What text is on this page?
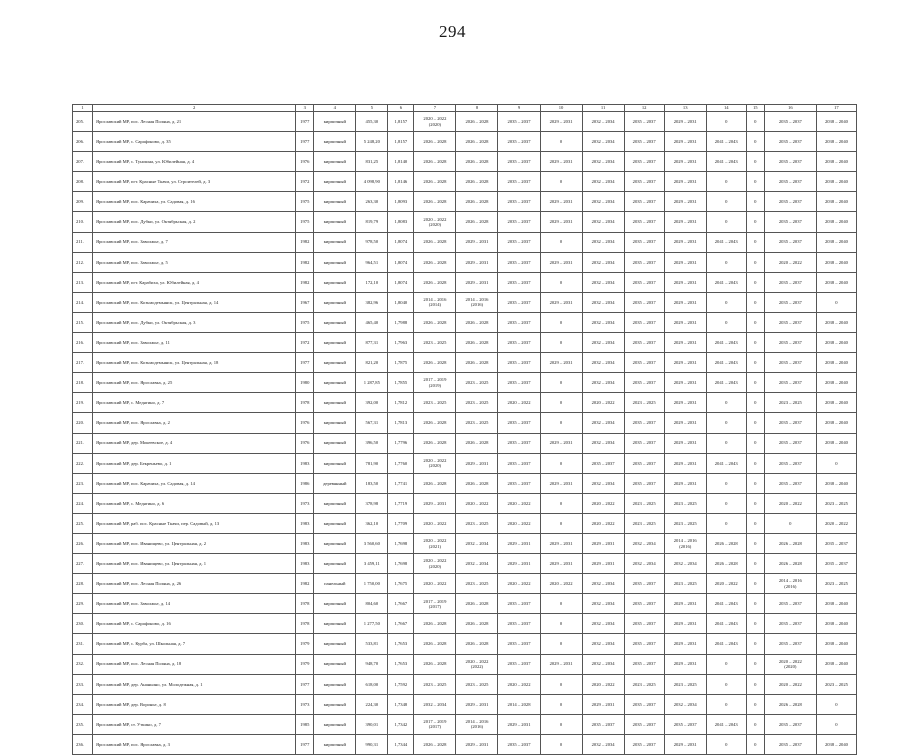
294
1	2	3	4	5	6	7	8	9	10	11	12	13	14	15	16	17

205.	Ярославский МР, пос. Лесная Поляна, д. 21	1977	кирпичный	455,30	1,8157	2020 – 2022
(2020)	2026 – 2028	2035 – 2037	2029 – 2031	2032 – 2034	2035 – 2037	2029 – 2031	0	0	2035 – 2037	2038 – 2040

206.	Ярославский МР, с. Сарафоново, д. 35	1977	кирпичный	5 248,20	1,8157	2026 – 2028	2026 – 2028	2035 – 2037	0	2032 – 2034	2035 – 2037	2029 – 2031	2041 – 2043	0	2035 – 2037	2038 – 2040

207.	Ярославский МР, с. Туношна, ул. Юбилейная, д. 4	1976	кирпичный	831,25	1,8140	2026 – 2028	2026 – 2028	2035 – 2037	2029 – 2031	2032 – 2034	2035 – 2037	2029 – 2031	2041 – 2043	0	2035 – 2037	2038 – 2040

208.	Ярославский МР, пгт. Красные Ткачи, ул. Строителей, д. 3	1972	кирпичный	4 098,90	1,8146	2026 – 2028	2026 – 2028	2035 – 2037	0	2032 – 2034	2035 – 2037	2029 – 2031	0	0	2035 – 2037	2038 – 2040

209.	Ярославский МР, пос. Карачиха, ул. Садовая, д. 16	1975	кирпичный	263,30	1,8093	2026 – 2028	2026 – 2028	2035 – 2037	2029 – 2031	2032 – 2034	2035 – 2037	2029 – 2031	0	0	2035 – 2037	2038 – 2040

210.	Ярославский МР, пос. Дубки, ул. Октябрьская, д. 2	1975	кирпичный	819,79	1,8083	2020 – 2022
(2020)	2026 – 2028	2035 – 2037	2029 – 2031	2032 – 2034	2035 – 2037	2029 – 2031	0	0	2035 – 2037	2038 – 2040

211.	Ярославский МР, пос. Заволжье, д. 7	1982	кирпичный	978,50	1,8074	2026 – 2028	2029 – 2031	2035 – 2037	0	2032 – 2034	2035 – 2037	2029 – 2031	2041 – 2043	0	2035 – 2037	2038 – 2040

212.	Ярославский МР, пос. Заволжье, д. 5	1982	кирпичный	964,51	1,8074	2026 – 2028	2029 – 2031	2035 – 2037	2029 – 2031	2032 – 2034	2035 – 2037	2029 – 2031	0	0	2020 – 2022	2038 – 2040

213.	Ярославский МР, пгт. Карабиха, ул. Юбилейная, д. 4	1982	кирпичный	172,10	1,8074	2026 – 2028	2029 – 2031	2035 – 2037	0	2032 – 2034	2035 – 2037	2029 – 2031	2041 – 2043	0	2035 – 2037	2038 – 2040

214.	Ярославский МР, пос. Козьмодемьянск, ул. Центральная, д. 14	1967	кирпичный	382,96	1,8040	2014 – 2016
(2014)	2014 – 2016
(2016)	2035 – 2037	2029 – 2031	2032 – 2034	2035 – 2037	2029 – 2031	0	0	2035 – 2037	0

215.	Ярославский МР, пос. Дубки, ул. Октябрьская, д. 3	1975	кирпичный	465,40	1,7988	2026 – 2028	2026 – 2028	2035 – 2037	0	2032 – 2034	2035 – 2037	2029 – 2031	0	0	2035 – 2037	2038 – 2040

216.	Ярославский МР, пос. Заволжье, д. 11	1972	кирпичный	877,31	1,7963	2023 – 2025	2026 – 2028	2035 – 2037	0	2032 – 2034	2035 – 2037	2029 – 2031	2041 – 2043	0	2035 – 2037	2038 – 2040

217.	Ярославский МР, пос. Козьмодемьянск, ул. Центральная, д. 18	1977	кирпичный	821,20	1,7875	2026 – 2028	2026 – 2028	2035 – 2037	2029 – 2031	2032 – 2034	2035 – 2037	2029 – 2031	2041 – 2043	0	2035 – 2037	2038 – 2040

218.	Ярославский МР, пос. Ярославка, д. 25	1980	кирпичный	1 287,85	1,7855	2017 – 2019
(2019)	2023 – 2025	2035 – 2037	0	2032 – 2034	2035 – 2037	2029 – 2031	2041 – 2043	0	2035 – 2037	2038 – 2040

219.	Ярославский МР, с. Медягино, д. 7	1978	кирпичный	392,00	1,7812	2023 – 2025	2023 – 2025	2020 – 2022	0	2020 – 2022	2023 – 2025	2029 – 2031	0	0	2023 – 2025	2038 – 2040

220.	Ярославский МР, пос. Ярославка, д. 2	1976	кирпичный	567,31	1,7813	2026 – 2028	2023 – 2025	2035 – 2037	0	2032 – 2034	2035 – 2037	2029 – 2031	0	0	2035 – 2037	2038 – 2040

221.	Ярославский МР, дер. Мокеевское, д. 4	1976	кирпичный	396,50	1,7796	2026 – 2028	2026 – 2028	2035 – 2037	2029 – 2031	2032 – 2034	2035 – 2037	2029 – 2031	0	0	2035 – 2037	2038 – 2040

222.	Ярославский МР, дер. Бекреньево, д. 1	1983	кирпичный	781,90	1,7760	2020 – 2022
(2020)	2029 – 2031	2035 – 2037	0	2035 – 2037	2035 – 2037	2029 – 2031	2041 – 2043	0	2035 – 2037	0

223.	Ярославский МР, пос. Карачиха, ул. Садовая, д. 14	1986	деревянный	183,50	1,7741	2026 – 2028	2026 – 2028	2035 – 2037	2029 – 2031	2032 – 2034	2035 – 2037	2029 – 2031	0	0	2035 – 2037	2038 – 2040

224.	Ярославский МР, с. Медягино, д. 6	1973	кирпичный	378,98	1,7719	2029 – 2031	2020 – 2022	2020 – 2022	0	2020 – 2022	2023 – 2025	2023 – 2025	0	0	2020 – 2022	2023 – 2025

225.	Ярославский МР, раб. пос. Красные Ткачи, пер. Садовый, д. 13	1983	кирпичный	362,10	1,7709	2020 – 2022	2023 – 2025	2020 – 2022	0	2020 – 2022	2023 – 2025	2023 – 2025	0	0	0	2020 – 2022

226.	Ярославский МР, пос. Иванищево, ул. Центральная, д. 2	1983	кирпичный	3 560,60	1,7698	2020 – 2022
(2021)	2032 – 2034	2029 – 2031	2029 – 2031	2029 – 2031	2032 – 2034	2014 – 2016
(2016)	2026 – 2028	0	2026 – 2028	2035 – 2037

227.	Ярославский МР, пос. Иванищево, ул. Центральная, д. 1	1983	кирпичный	3 459,11	1,7698	2020 – 2022
(2020)	2032 – 2034	2029 – 2031	2029 – 2031	2029 – 2031	2032 – 2034	2032 – 2034	2026 – 2028	0	2026 – 2028	2035 – 2037

228.	Ярославский МР, пос. Лесная Поляна, д. 26	1982	панельный	1 750,00	1,7675	2020 – 2022	2023 – 2025	2020 – 2022	2020 – 2022	2032 – 2034	2035 – 2037	2023 – 2025	2020 – 2022	0	2014 – 2016
(2016)	2023 – 2025

229.	Ярославский МР, пос. Заволжье, д. 14	1978	кирпичный	804,60	1,7667	2017 – 2019
(2017)	2026 – 2028	2035 – 2037	0	2032 – 2034	2035 – 2037	2029 – 2031	2041 – 2043	0	2035 – 2037	2038 – 2040

230.	Ярославский МР, с. Сарафоново, д. 16	1978	кирпичный	1 277,50	1,7667	2026 – 2028	2026 – 2028	2035 – 2037	0	2032 – 2034	2035 – 2037	2029 – 2031	2041 – 2043	0	2035 – 2037	2038 – 2040

231.	Ярославский МР, с. Курба, ул. Школьная, д. 7	1979	кирпичный	533,81	1,7653	2026 – 2028	2026 – 2028	2035 – 2037	0	2032 – 2034	2035 – 2037	2029 – 2031	2041 – 2043	0	2035 – 2037	2038 – 2040

232.	Ярославский МР, пос. Лесная Поляна, д. 18	1979	кирпичный	948,70	1,7653	2026 – 2028	2020 – 2022
(2022)	2035 – 2037	2029 – 2031	2032 – 2034	2035 – 2037	2029 – 2031	0	0	2020 – 2022
(2020)	2038 – 2040

233.	Ярославский МР, дер. Ананьино, ул. Молодежная, д. 1	1977	кирпичный	618,00	1,7592	2023 – 2025	2023 – 2025	2020 – 2022	0	2020 – 2022	2023 – 2025	2023 – 2025	0	0	2020 – 2022	2023 – 2025

234.	Ярославский МР, дер. Воронье, д. 8	1973	кирпичный	224,30	1,7348	2032 – 2034	2029 – 2031	2014 – 2028	0	2029 – 2031	2035 – 2037	2032 – 2034	0	0	2026 – 2028	0

235.	Ярославский МР, ст. Уткино, д. 7	1985	кирпичный	390,01	1,7342	2017 – 2019
(2017)	2014 – 2016
(2016)	2029 – 2031	0	2035 – 2037	2035 – 2037	2035 – 2037	2041 – 2043	0	2035 – 2037	0

236.	Ярославский МР, пос. Ярославка, д. 3	1977	кирпичный	990,31	1,7344	2026 – 2028	2029 – 2031	2035 – 2037	0	2032 – 2034	2035 – 2037	2029 – 2031	0	0	2035 – 2037	2038 – 2040
